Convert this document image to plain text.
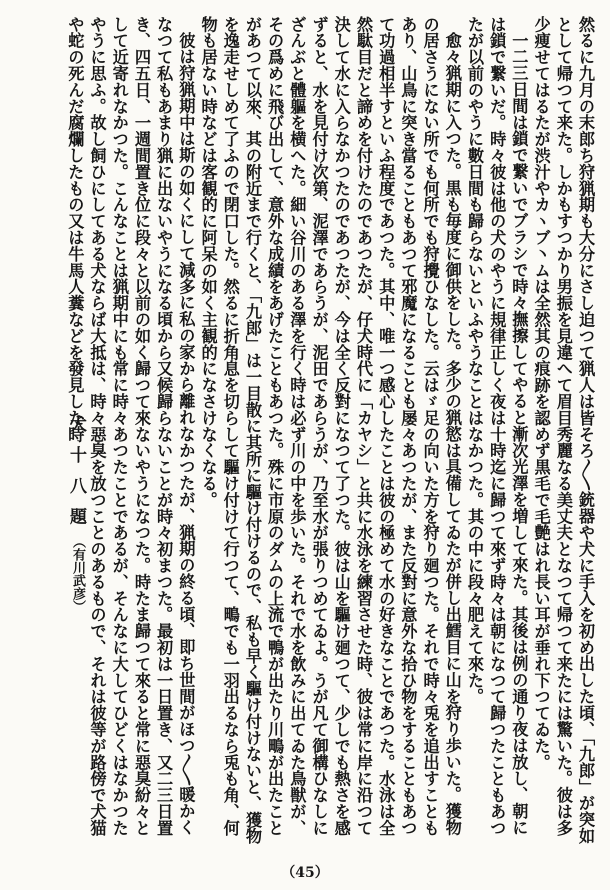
然るに九月の末郎ち狩猟期も大分にさし迫つて猟人は皆そろ〳〵銃器や犬に手入を初め出した頃、「九郎」が突如として帰つて来た。しかもすつかり男振を見違へて眉目秀麗なる美丈夫となつて帰つて来たには驚いた。彼は多少痩せてはるたが渋汁やカヽブ丶ムは全然其の痕跡を認めず黒毛で毛艶はれ長い耳が垂れ下つてゐた。

一二三日間は鎖で繋いでブラシで時々撫擦してやると漸次光澤を増して來た。其後は例の通り夜は放し、朝には鎖で繋いだ。時々彼は他の犬のやうに規律正しく夜は十時迄に歸つて來ず時々は朝になつて歸つたこともあつたが以前のやうに數日間も歸らないといふやうなことはなかつた。其の中に段々肥えて來た。

愈々猟期に入つた。黒も毎度に御供をした。多少の猟慾は具備してゐたが併し出鱈目に山を狩り歩いた。獲物の居さうにない所でも何所でも狩攪ひなした。云はゞ足の向いた方を狩り廻つた。それで時々兎を追出すこともあり、山鳥に突き當ることもあつて邪魔になることも屡々あつたが、また反對に意外な拾ひ物をすることもあつて功過相半すといふ程度であつた。其中、唯一つ感心したことは彼の極めて水の好きなことであつた。水泳は全然駄目だと諦めを付けたのであつたが、仔犬時代に「カヤシ」と共に水泳を練習させた時、彼は常に岸に沿つて決して水に入らなかつたのであつたが、今は全く反對になつて了つた。彼は山を驅け廻つて、少しでも熱さを感ずると、水を見付け次第、泥澤であらうが、泥田であらうが、乃至水が張りつめてゐよ。うが凡て御構ひなしにざんぶと體軀を横へた。細い谷川のある澤を行く時は必ず川の中を歩いた。それで水を飲みに出てゐた鳥獣が、その爲めに飛び出して、意外な成績をあげたこともあつた。殊に市原のダムの上流で鴨が出たり川鴫が出たことがあつて以來、其の附近まで行くと、「九郎」は一目散に其所に驅け付けるので、私も早く驅け付けないと、獲物を逸走せしめて了ふので閉口した。然るに折角息を切らして驅け付けて行つて、鴫でも一羽出るなら兎も角、何物も居ない時などは客観的に阿呆の如く主観的になさけなくなる。

彼は狩猟期中は斯の如くにして減多に私の家から離れなかつたが、猟期の終る頃、即ち世間がほつ〳〵暖かくなつて私もあまり猟に出ないやうになる頃から又候歸らないことが時々初まつた。最初は一日置き、又二三日置き、四五日、一週間置き位に段々と以前の如く歸つて來ないやうになつた。時たま歸つて來ると常に惡臭紛々として近寄れなかつた。こんなことは猟期中にも常に時々あつたことであるが、そんなに大してひどくはなかつたやうに思ふ。故し飼ひにしてある犬ならば大抵は、時々惡臭を放つことのあるもので、それは彼等が路傍で犬猫や蛇の死んだ腐爛したもの又は牛馬人糞などを發見した時

犬 十 八 題
（有川武彦）
（45）
